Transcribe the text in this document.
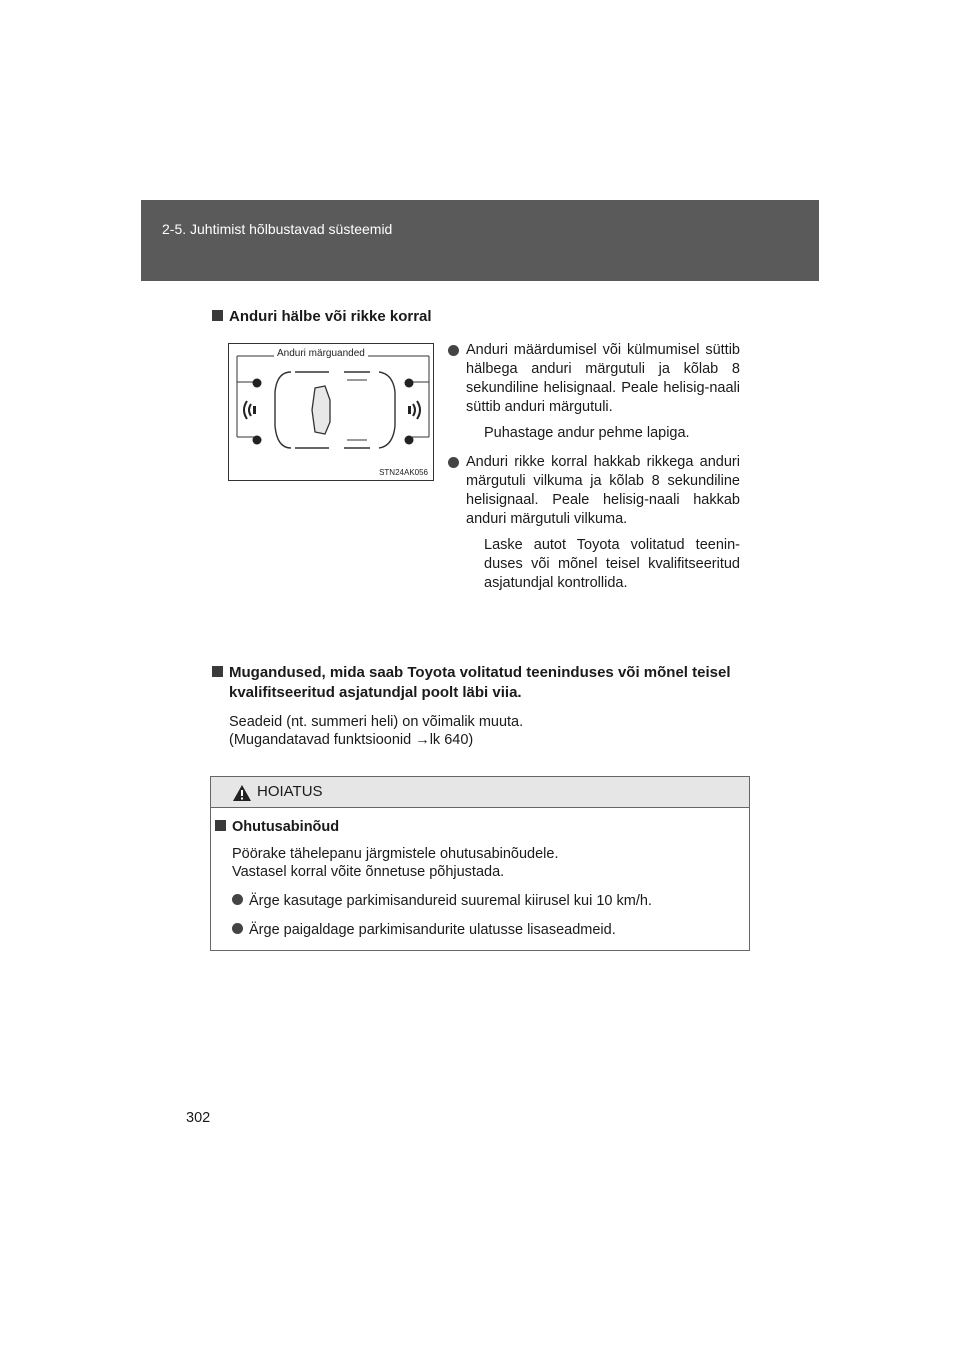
2-5. Juhtimist hõlbustavad süsteemid
Anduri hälbe või rikke korral
Anduri märguanded
STN24AK056
Anduri määrdumisel või külmumisel süttib hälbega anduri märgutuli ja kõlab 8 sekundiline helisignaal. Peale helisig-naali süttib anduri märgutuli.
Puhastage andur pehme lapiga.
Anduri rikke korral hakkab rikkega anduri märgutuli vilkuma ja kõlab 8 sekundiline helisignaal. Peale helisig-naali hakkab anduri märgutuli vilkuma.
Laske autot Toyota volitatud teenin-duses või mõnel teisel kvalifitseeritud asjatundjal kontrollida.
Mugandused, mida saab Toyota volitatud teeninduses või mõnel teisel
kvalifitseeritud asjatundjal poolt läbi viia.
Seadeid (nt. summeri heli) on võimalik muuta.
(Mugandatavad funktsioonid →lk 640)
HOIATUS
Ohutusabinõud
Pöörake tähelepanu järgmistele ohutusabinõudele.
Vastasel korral võite õnnetuse põhjustada.
Ärge kasutage parkimisandureid suuremal kiirusel kui 10 km/h.
Ärge paigaldage parkimisandurite ulatusse lisaseadmeid.
302
